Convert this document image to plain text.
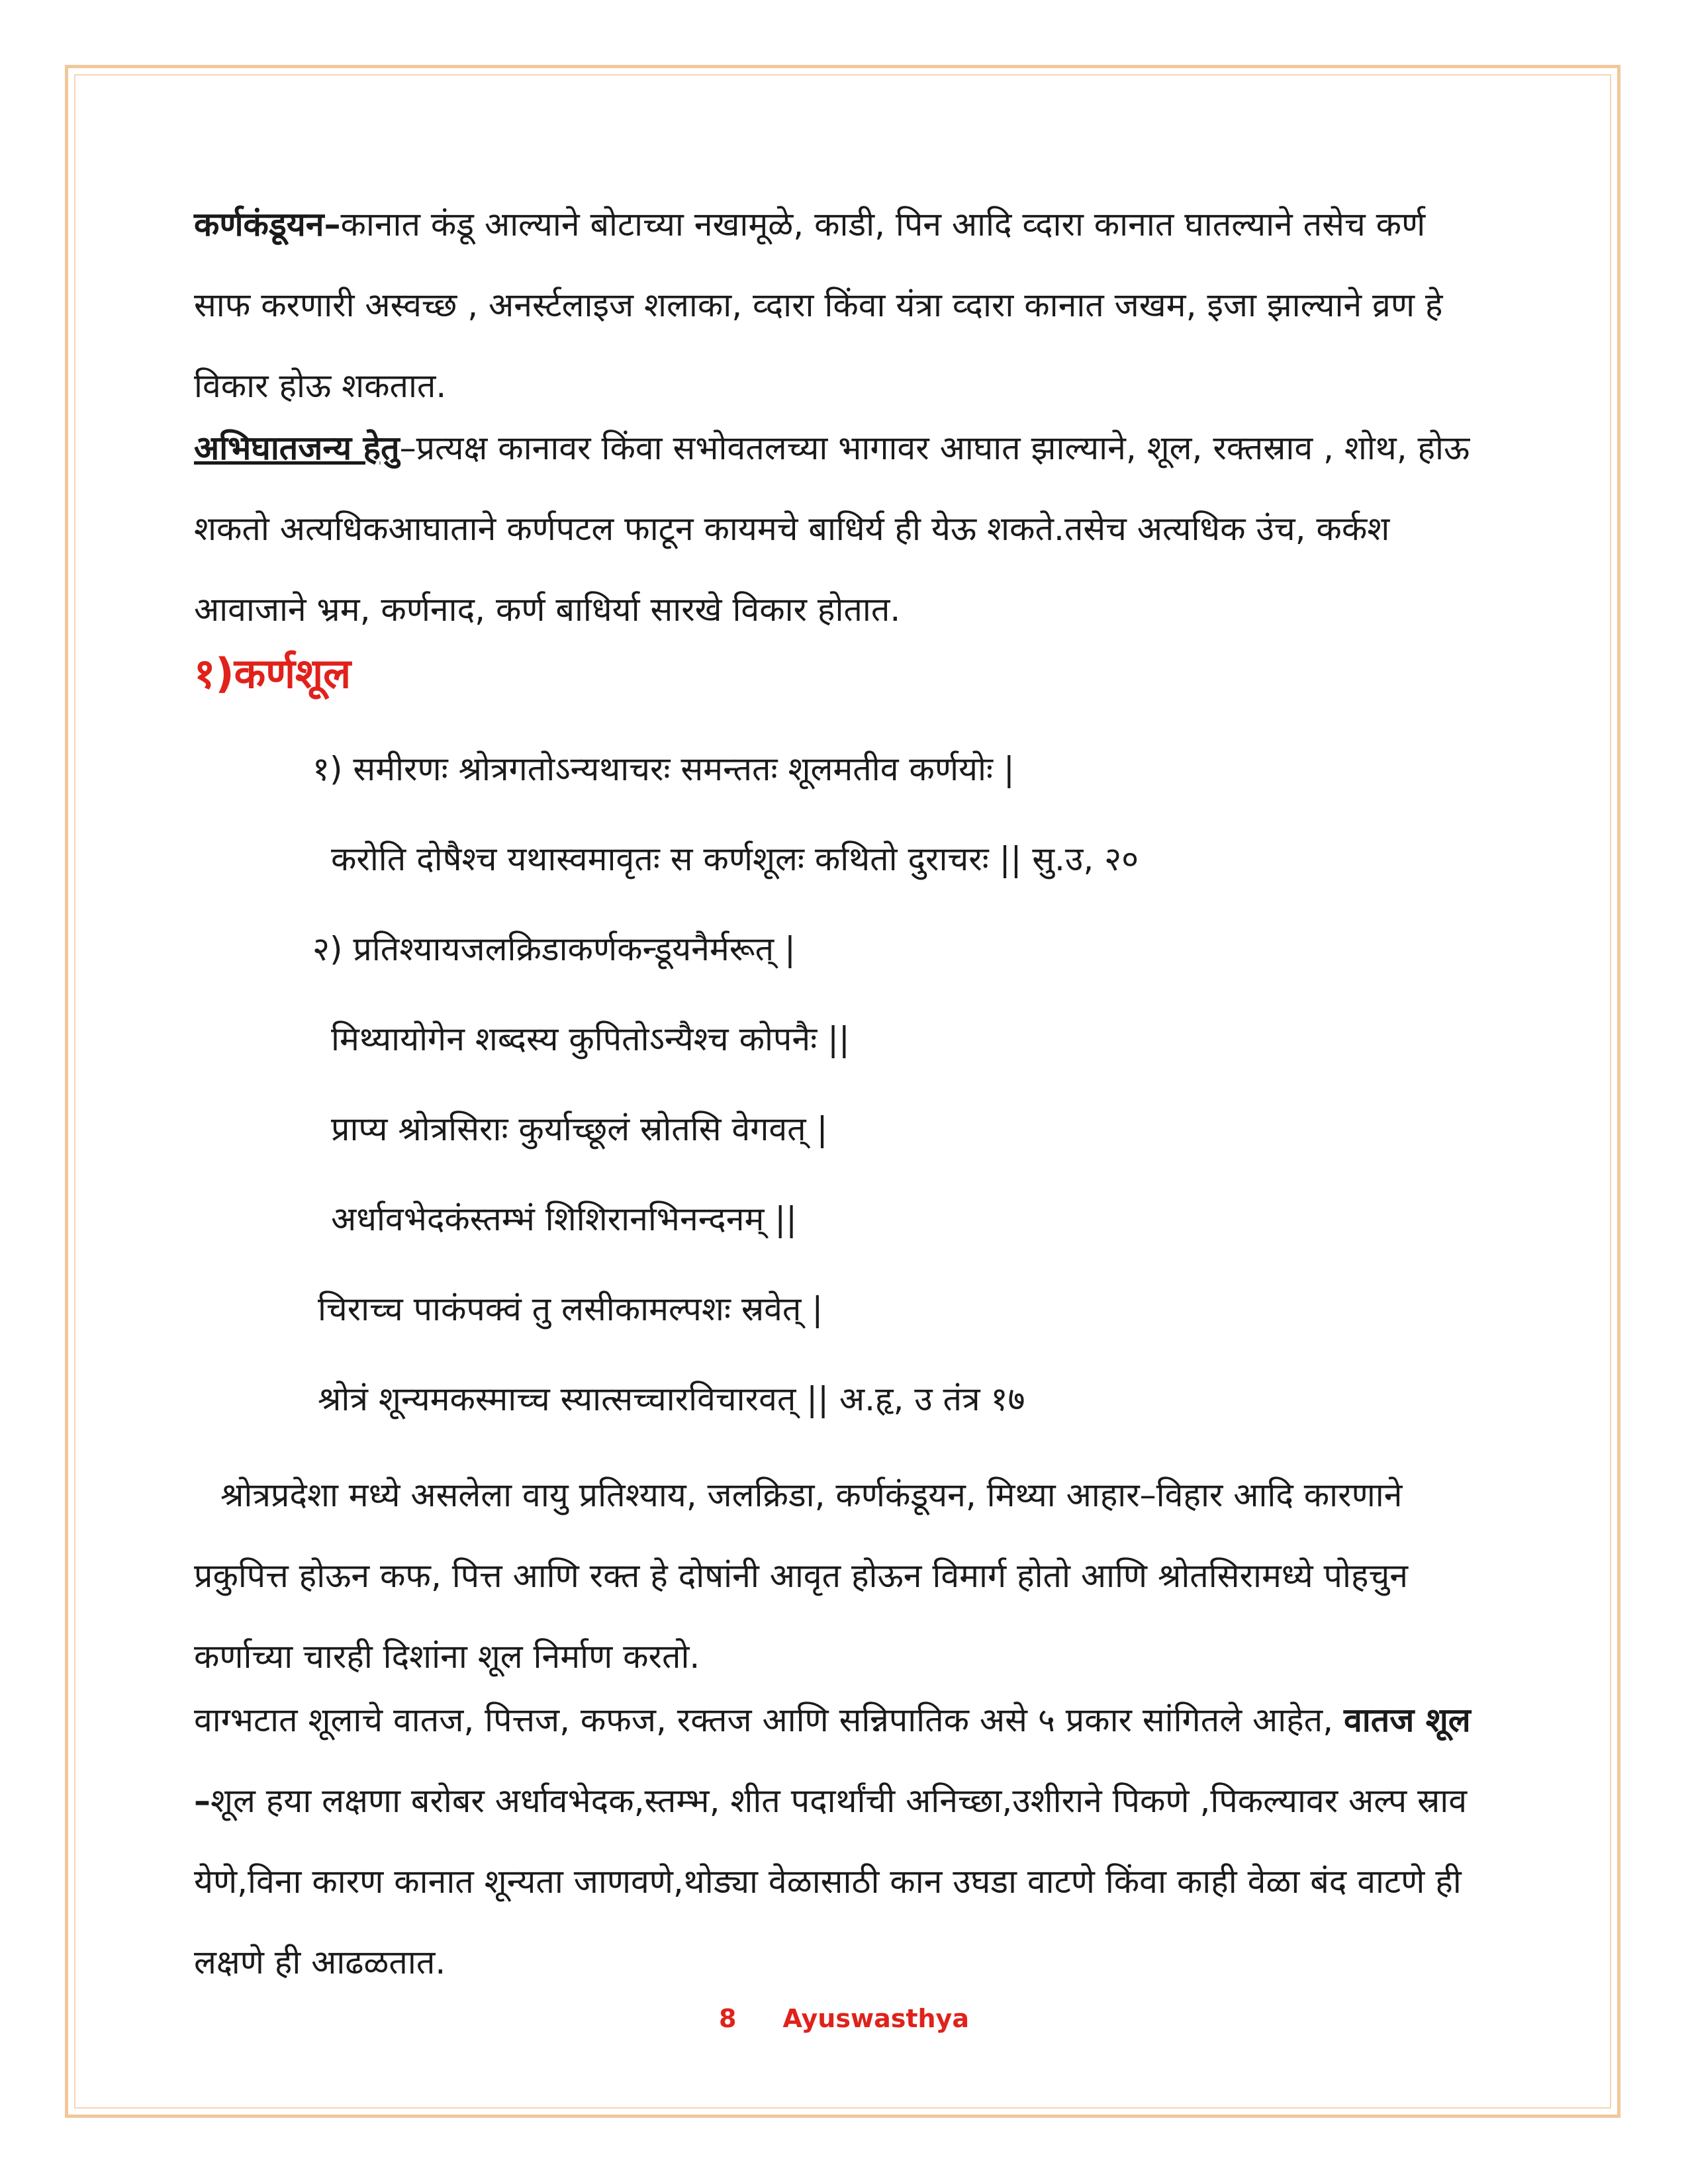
कर्णकंडूयन–कानात कंडू आल्याने बोटाच्या नखामूळे, काडी, पिन आदि व्दारा कानात घातल्याने तसेच कर्ण साफ करणारी अस्वच्छ , अनर्स्टलाइज शलाका, व्दारा किंवा यंत्रा व्दारा कानात जखम, इजा झाल्याने व्रण हे विकार होऊ शकतात.

अभिघातजन्य हेतु–प्रत्यक्ष कानावर किंवा सभोवतलच्या भागावर आघात झाल्याने, शूल, रक्तस्राव , शोथ, होऊ शकतो अत्यधिकआघाताने कर्णपटल फाटून कायमचे बाधिर्य ही येऊ शकते.तसेच अत्यधिक उंच, कर्कश आवाजाने भ्रम, कर्णनाद, कर्ण बाधिर्या सारखे विकार होतात.

१)कर्णशूल
१) समीरणः श्रोत्रगतोऽन्यथाचरः समन्ततः शूलमतीव कर्णयोः |
करोति दोषैश्च यथास्वमावृतः स कर्णशूलः कथितो दुराचरः || सु.उ, २०
२) प्रतिश्यायजलक्रिडाकर्णकन्डूयनैर्मरूत् |
मिथ्यायोगेन शब्दस्य कुपितोऽन्यैश्च कोपनैः ||
प्राप्य श्रोत्रसिराः कुर्याच्छूलं स्रोतसि वेगवत् |
अर्धावभेदकंस्तम्भं शिशिरानभिनन्दनम् ||
चिराच्च पाकंपक्वं तु लसीकामल्पशः स्रवेत् |
श्रोत्रं शून्यमकस्माच्च स्यात्सच्चारविचारवत् || अ.हृ, उ तंत्र १७

श्रोत्रप्रदेशा मध्ये असलेला वायु प्रतिश्याय, जलक्रिडा, कर्णकंडूयन, मिथ्या आहार–विहार आदि कारणाने प्रकुपित्त होऊन कफ, पित्त आणि रक्त हे दोषांनी आवृत होऊन विमार्ग होतो आणि श्रोतसिरामध्ये पोहचुन कर्णाच्या चारही दिशांना शूल निर्माण करतो.

वाग्भटात शूलाचे वातज, पित्तज, कफज, रक्तज आणि सन्निपातिक असे ५ प्रकार सांगितले आहेत, वातज शूल –शूल हया लक्षणा बरोबर अर्धावभेदक,स्तम्भ, शीत पदार्थांची अनिच्छा,उशीराने पिकणे ,पिकल्यावर अल्प स्राव येणे,विना कारण कानात शून्यता जाणवणे,थोड्या वेळासाठी कान उघडा वाटणे किंवा काही वेळा बंद वाटणे ही लक्षणे ही आढळतात.

8 Ayuswasthya
